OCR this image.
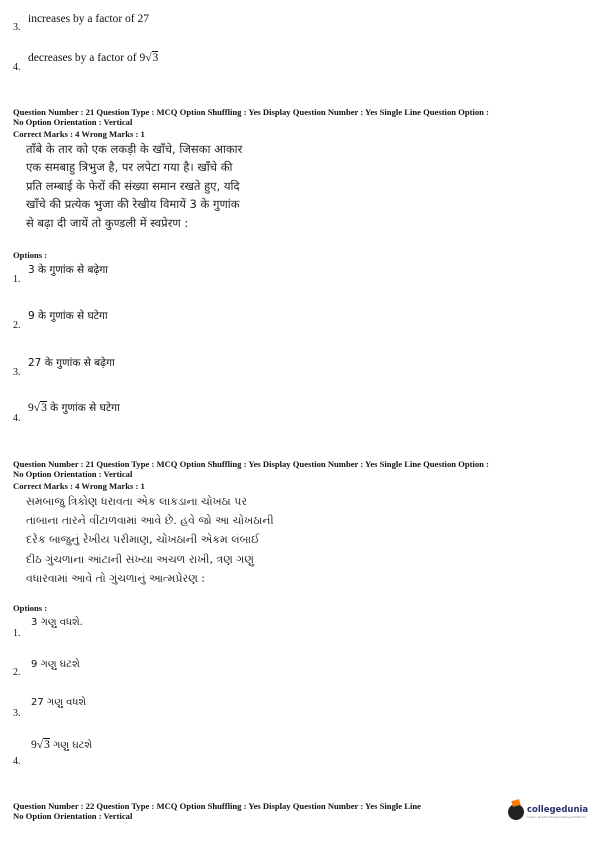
3.
increases by a factor of 27
4.
decreases by a factor of 9√3
Question Number : 21 Question Type : MCQ Option Shuffling : Yes Display Question Number : Yes Single Line Question Option :
No Option Orientation : Vertical
Correct Marks : 4 Wrong Marks : 1
ताँबे के तार को एक लकड़ी के खाँचे, जिसका आकार
एक समबाहु त्रिभुज है, पर लपेटा गया है। खाँचे की
प्रति लम्बाई के फेरों की संख्या समान रखते हुए, यदि
खाँचे की प्रत्येक भुजा की रेखीय विमायें 3 के गुणांक
से बढ़ा दी जायें तो कुण्डली में स्वप्रेरण :
Options :
1.
3 के गुणांक से बढ़ेगा
2.
9 के गुणांक से घटेगा
3.
27 के गुणांक से बढ़ेगा
4.
9√3 के गुणांक से घटेगा
Question Number : 21 Question Type : MCQ Option Shuffling : Yes Display Question Number : Yes Single Line Question Option :
No Option Orientation : Vertical
Correct Marks : 4 Wrong Marks : 1
સમબાજુ ત્રિકોણ ધરાવતા એક લાકડાના ચોખઠા પર
તાંબાના તારને વીંટાળવામાં આવે છે. હવે જો આ ચોખઠાની
દરેક બાજુનું રેખીય પરીમાણ, ચોખઠાની એકમ લંબાઈ
દીઠ ગુંચળાના આંટાની સંખ્યા અચળ રાખી, ત્રણ ગણું
વધારવામાં આવે તો ગુંચળાનું આત્મપ્રેરણ :
Options :
1.
3 ગણુ વધશે.
2.
9 ગણુ ઘટશે
3.
27 ગણુ વધશે
4.
9√3 ગણુ ઘટશે
Question Number : 22 Question Type : MCQ Option Shuffling : Yes Display Question Number : Yes Single Line
No Option Orientation : Vertical
collegedunia
India's largest Student Review Platform
